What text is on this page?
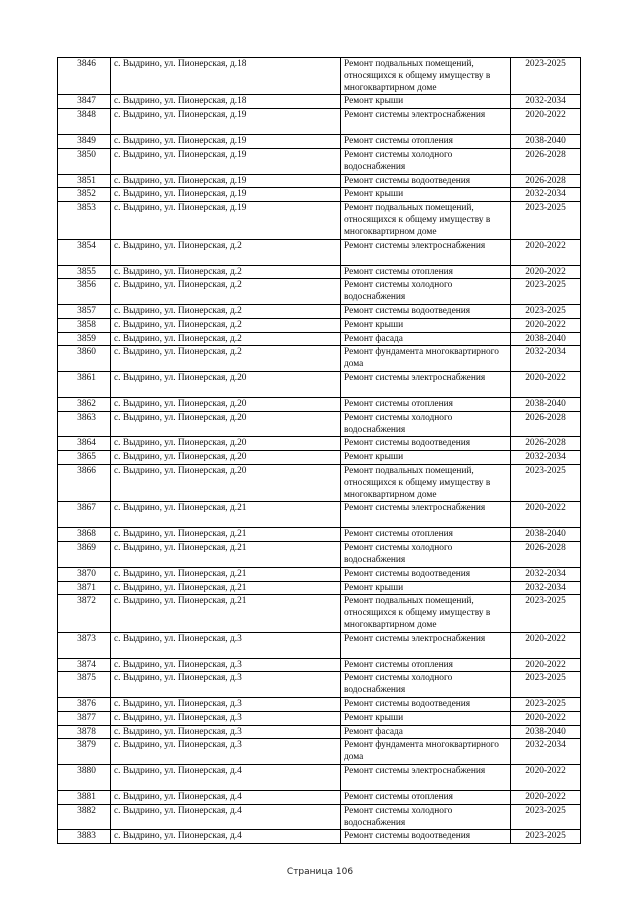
3846	с. Выдрино, ул. Пионерская, д.18	Ремонт подвальных помещений, относящихся к общему имуществу в многоквартирном доме	2023-2025
3847	с. Выдрино, ул. Пионерская, д.18	Ремонт крыши	2032-2034
3848	с. Выдрино, ул. Пионерская, д.19	Ремонт системы электроснабжения	2020-2022
3849	с. Выдрино, ул. Пионерская, д.19	Ремонт системы отопления	2038-2040
3850	с. Выдрино, ул. Пионерская, д.19	Ремонт системы холодного водоснабжения	2026-2028
3851	с. Выдрино, ул. Пионерская, д.19	Ремонт системы водоотведения	2026-2028
3852	с. Выдрино, ул. Пионерская, д.19	Ремонт крыши	2032-2034
3853	с. Выдрино, ул. Пионерская, д.19	Ремонт подвальных помещений, относящихся к общему имуществу в многоквартирном доме	2023-2025
3854	с. Выдрино, ул. Пионерская, д.2	Ремонт системы электроснабжения	2020-2022
3855	с. Выдрино, ул. Пионерская, д.2	Ремонт системы отопления	2020-2022
3856	с. Выдрино, ул. Пионерская, д.2	Ремонт системы холодного водоснабжения	2023-2025
3857	с. Выдрино, ул. Пионерская, д.2	Ремонт системы водоотведения	2023-2025
3858	с. Выдрино, ул. Пионерская, д.2	Ремонт крыши	2020-2022
3859	с. Выдрино, ул. Пионерская, д.2	Ремонт фасада	2038-2040
3860	с. Выдрино, ул. Пионерская, д.2	Ремонт фундамента многоквартирного дома	2032-2034
3861	с. Выдрино, ул. Пионерская, д.20	Ремонт системы электроснабжения	2020-2022
3862	с. Выдрино, ул. Пионерская, д.20	Ремонт системы отопления	2038-2040
3863	с. Выдрино, ул. Пионерская, д.20	Ремонт системы холодного водоснабжения	2026-2028
3864	с. Выдрино, ул. Пионерская, д.20	Ремонт системы водоотведения	2026-2028
3865	с. Выдрино, ул. Пионерская, д.20	Ремонт крыши	2032-2034
3866	с. Выдрино, ул. Пионерская, д.20	Ремонт подвальных помещений, относящихся к общему имуществу в многоквартирном доме	2023-2025
3867	с. Выдрино, ул. Пионерская, д.21	Ремонт системы электроснабжения	2020-2022
3868	с. Выдрино, ул. Пионерская, д.21	Ремонт системы отопления	2038-2040
3869	с. Выдрино, ул. Пионерская, д.21	Ремонт системы холодного водоснабжения	2026-2028
3870	с. Выдрино, ул. Пионерская, д.21	Ремонт системы водоотведения	2032-2034
3871	с. Выдрино, ул. Пионерская, д.21	Ремонт крыши	2032-2034
3872	с. Выдрино, ул. Пионерская, д.21	Ремонт подвальных помещений, относящихся к общему имуществу в многоквартирном доме	2023-2025
3873	с. Выдрино, ул. Пионерская, д.3	Ремонт системы электроснабжения	2020-2022
3874	с. Выдрино, ул. Пионерская, д.3	Ремонт системы отопления	2020-2022
3875	с. Выдрино, ул. Пионерская, д.3	Ремонт системы холодного водоснабжения	2023-2025
3876	с. Выдрино, ул. Пионерская, д.3	Ремонт системы водоотведения	2023-2025
3877	с. Выдрино, ул. Пионерская, д.3	Ремонт крыши	2020-2022
3878	с. Выдрино, ул. Пионерская, д.3	Ремонт фасада	2038-2040
3879	с. Выдрино, ул. Пионерская, д.3	Ремонт фундамента многоквартирного дома	2032-2034
3880	с. Выдрино, ул. Пионерская, д.4	Ремонт системы электроснабжения	2020-2022
3881	с. Выдрино, ул. Пионерская, д.4	Ремонт системы отопления	2020-2022
3882	с. Выдрино, ул. Пионерская, д.4	Ремонт системы холодного водоснабжения	2023-2025
3883	с. Выдрино, ул. Пионерская, д.4	Ремонт системы водоотведения	2023-2025
Страница 106
